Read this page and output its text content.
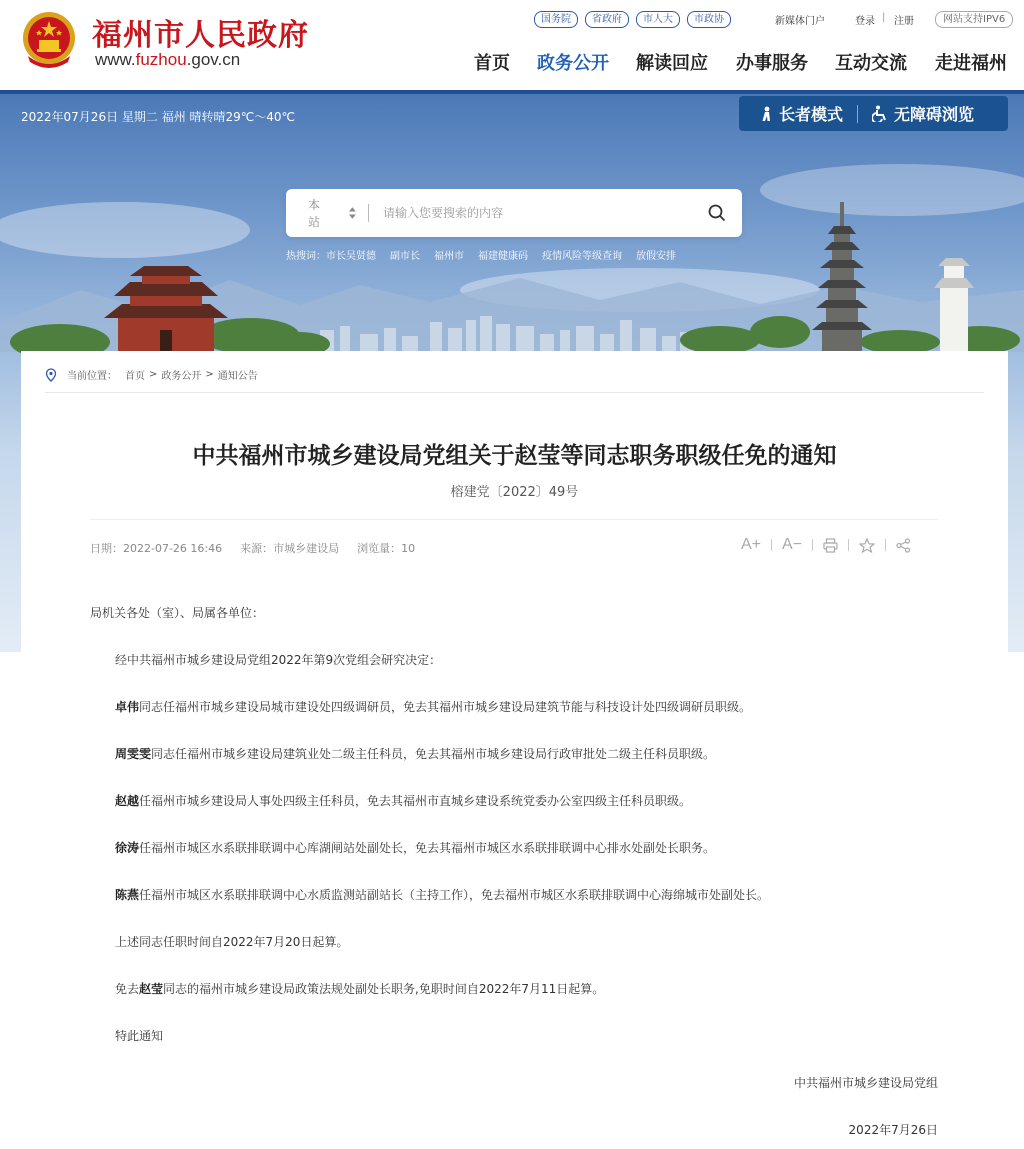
福州市人民政府
www.fuzhou.gov.cn
国务院	省政府	市人大	市政协	新媒体门户	登录 | 注册	网站支持IPV6
首页 政务公开 解读回应 办事服务 互动交流 走进福州
2022年07月26日 星期二 福州 晴转晴29℃～40℃	长者模式	无障碍浏览
本站
请输入您要搜索的内容
热搜词： 市长吴贤德 副市长 福州市 福建健康码 疫情风险等级查询 放假安排
当前位置： 首页 > 政务公开 > 通知公告
中共福州市城乡建设局党组关于赵莹等同志职务职级任免的通知
榕建党〔2022〕49号
日期：2022-07-26 16:46 来源：市城乡建设局 浏览量：10	A+ A−
局机关各处（室）、局属各单位：
经中共福州市城乡建设局党组2022年第9次党组会研究决定：
卓伟同志任福州市城乡建设局城市建设处四级调研员，免去其福州市城乡建设局建筑节能与科技设计处四级调研员职级。
周雯雯同志任福州市城乡建设局建筑业处二级主任科员，免去其福州市城乡建设局行政审批处二级主任科员职级。
赵越任福州市城乡建设局人事处四级主任科员，免去其福州市直城乡建设系统党委办公室四级主任科员职级。
徐涛任福州市城区水系联排联调中心库湖闸站处副处长，免去其福州市城区水系联排联调中心排水处副处长职务。
陈燕任福州市城区水系联排联调中心水质监测站副站长（主持工作），免去福州市城区水系联排联调中心海绵城市处副处长。
上述同志任职时间自2022年7月20日起算。
免去赵莹同志的福州市城乡建设局政策法规处副处长职务,免职时间自2022年7月11日起算。
特此通知
中共福州市城乡建设局党组
2022年7月26日
